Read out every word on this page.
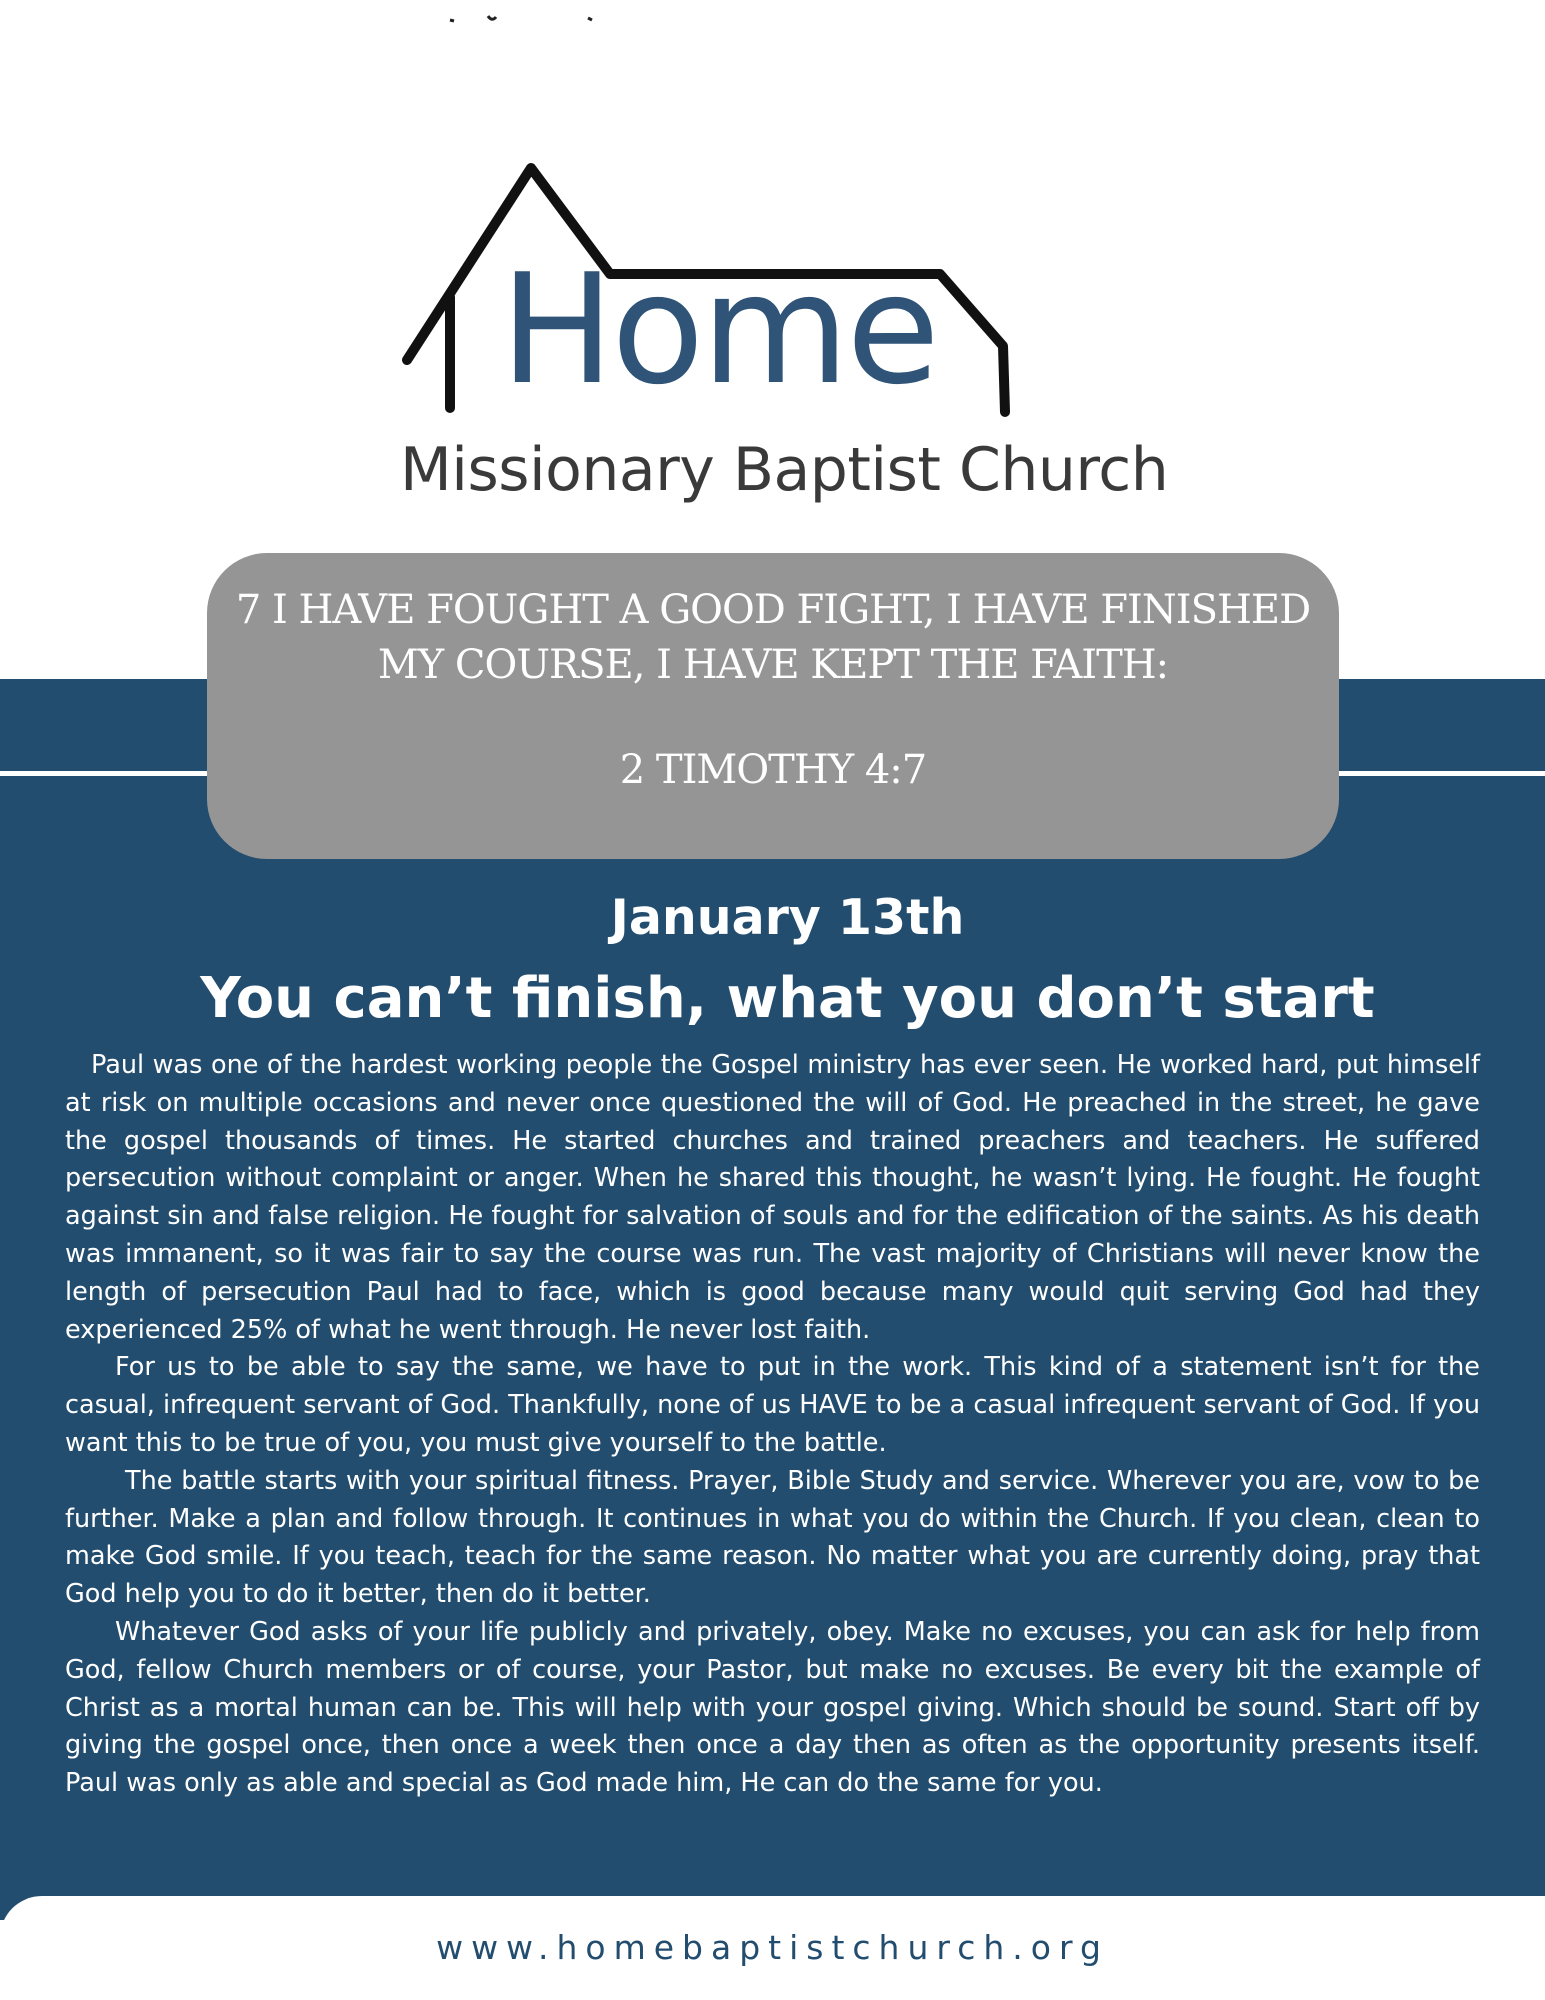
Home
Missionary Baptist Church
7 I HAVE FOUGHT A GOOD FIGHT, I HAVE FINISHED MY COURSE, I HAVE KEPT THE FAITH:
2 TIMOTHY 4:7
January 13th
You can’t finish, what you don’t start

Paul was one of the hardest working people the Gospel ministry has ever seen. He worked hard, put himself at risk on multiple occasions and never once questioned the will of God. He preached in the street, he gave the gospel thousands of times. He started churches and trained preachers and teachers. He suffered persecution without complaint or anger. When he shared this thought, he wasn’t lying. He fought. He fought against sin and false religion. He fought for salvation of souls and for the edification of the saints. As his death was immanent, so it was fair to say the course was run. The vast majority of Christians will never know the length of persecution Paul had to face, which is good because many would quit serving God had they experienced 25% of what he went through. He never lost faith.

For us to be able to say the same, we have to put in the work. This kind of a statement isn’t for the casual, infrequent servant of God. Thankfully, none of us HAVE to be a casual infrequent servant of God. If you want this to be true of you, you must give yourself to the battle.

The battle starts with your spiritual fitness. Prayer, Bible Study and service. Wherever you are, vow to be further. Make a plan and follow through. It continues in what you do within the Church. If you clean, clean to make God smile. If you teach, teach for the same reason. No matter what you are currently doing, pray that God help you to do it better, then do it better.

Whatever God asks of your life publicly and privately, obey. Make no excuses, you can ask for help from God, fellow Church members or of course, your Pastor, but make no excuses. Be every bit the example of Christ as a mortal human can be. This will help with your gospel giving. Which should be sound. Start off by giving the gospel once, then once a week then once a day then as often as the opportunity presents itself. Paul was only as able and special as God made him, He can do the same for you.

www.homebaptistchurch.org
